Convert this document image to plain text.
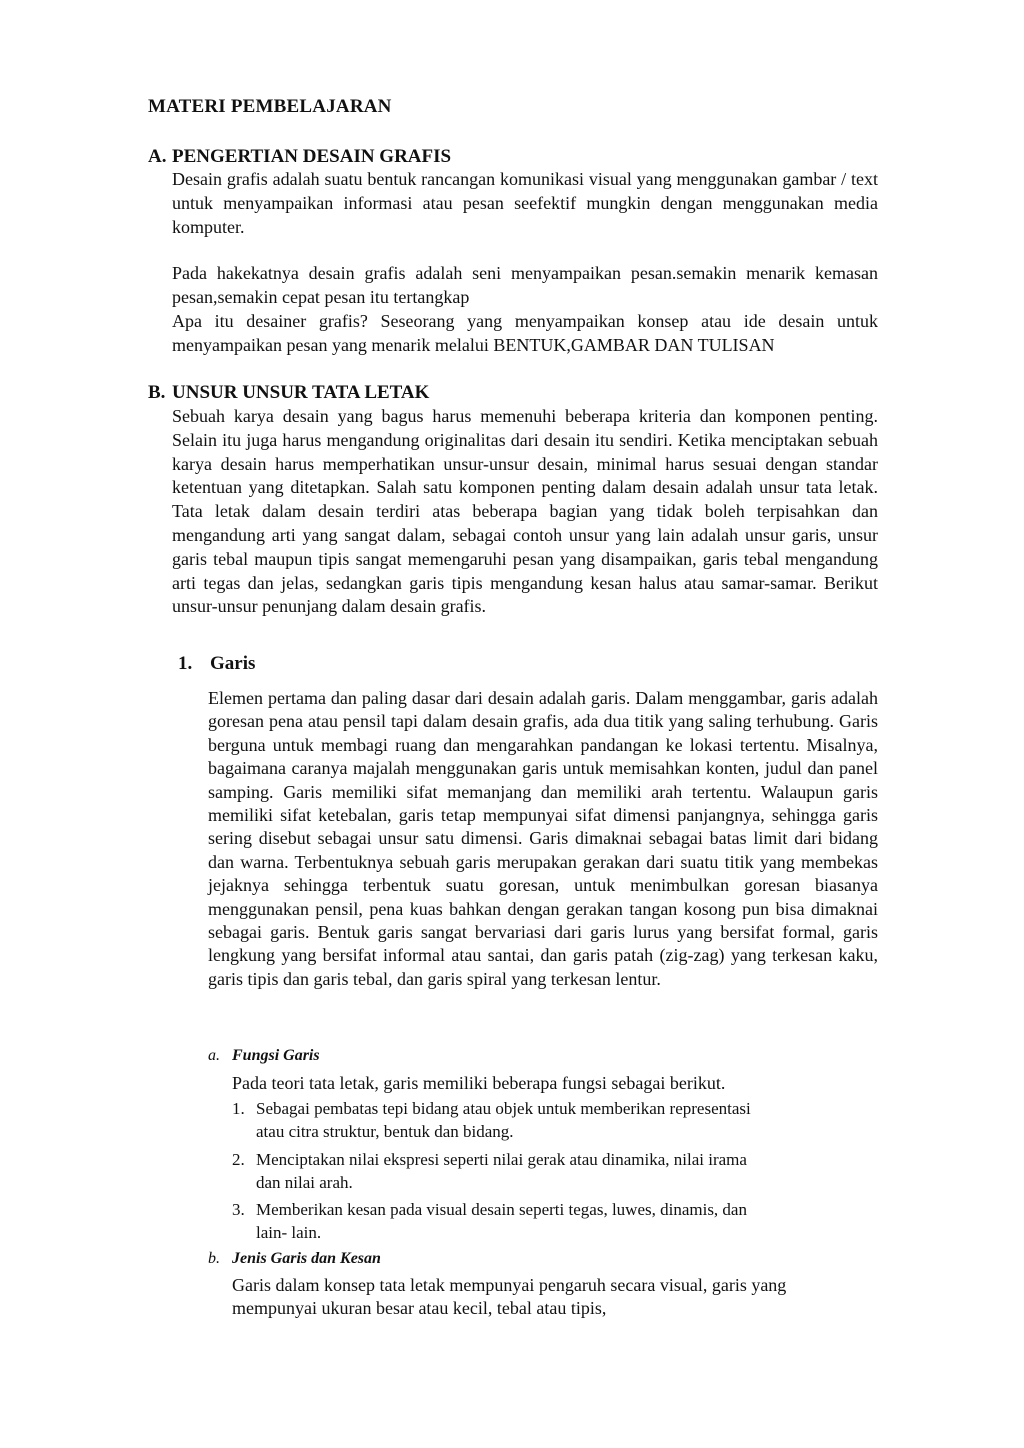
MATERI PEMBELAJARAN
A. PENGERTIAN DESAIN GRAFIS
Desain grafis adalah suatu bentuk rancangan komunikasi visual yang menggunakan gambar / text untuk menyampaikan informasi atau pesan seefektif mungkin dengan menggunakan media komputer.
Pada hakekatnya desain grafis adalah seni menyampaikan pesan.semakin menarik kemasan pesan,semakin cepat pesan itu tertangkap
Apa itu desainer grafis? Seseorang yang menyampaikan konsep atau ide desain untuk menyampaikan pesan yang menarik melalui BENTUK,GAMBAR DAN TULISAN
B. UNSUR UNSUR TATA LETAK
Sebuah karya desain yang bagus harus memenuhi beberapa kriteria dan komponen penting. Selain itu juga harus mengandung originalitas dari desain itu sendiri. Ketika menciptakan sebuah karya desain harus memperhatikan unsur-unsur desain, minimal harus sesuai dengan standar ketentuan yang ditetapkan. Salah satu komponen penting dalam desain adalah unsur tata letak. Tata letak dalam desain terdiri atas beberapa bagian yang tidak boleh terpisahkan dan mengandung arti yang sangat dalam, sebagai contoh unsur yang lain adalah unsur garis, unsur garis tebal maupun tipis sangat memengaruhi pesan yang disampaikan, garis tebal mengandung arti tegas dan jelas, sedangkan garis tipis mengandung kesan halus atau samar-samar. Berikut unsur-unsur penunjang dalam desain grafis.
1. Garis
Elemen pertama dan paling dasar dari desain adalah garis. Dalam menggambar, garis adalah goresan pena atau pensil tapi dalam desain grafis, ada dua titik yang saling terhubung. Garis berguna untuk membagi ruang dan mengarahkan pandangan ke lokasi tertentu. Misalnya, bagaimana caranya majalah menggunakan garis untuk memisahkan konten, judul dan panel samping. Garis memiliki sifat memanjang dan memiliki arah tertentu. Walaupun garis memiliki sifat ketebalan, garis tetap mempunyai sifat dimensi panjangnya, sehingga garis sering disebut sebagai unsur satu dimensi. Garis dimaknai sebagai batas limit dari bidang dan warna. Terbentuknya sebuah garis merupakan gerakan dari suatu titik yang membekas jejaknya sehingga terbentuk suatu goresan, untuk menimbulkan goresan biasanya menggunakan pensil, pena kuas bahkan dengan gerakan tangan kosong pun bisa dimaknai sebagai garis. Bentuk garis sangat bervariasi dari garis lurus yang bersifat formal, garis lengkung yang bersifat informal atau santai, dan garis patah (zig-zag) yang terkesan kaku, garis tipis dan garis tebal, dan garis spiral yang terkesan lentur.
a. Fungsi Garis
Pada teori tata letak, garis memiliki beberapa fungsi sebagai berikut.
1. Sebagai pembatas tepi bidang atau objek untuk memberikan representasi atau citra struktur, bentuk dan bidang.
2. Menciptakan nilai ekspresi seperti nilai gerak atau dinamika, nilai irama dan nilai arah.
3. Memberikan kesan pada visual desain seperti tegas, luwes, dinamis, dan lain- lain.
b. Jenis Garis dan Kesan
Garis dalam konsep tata letak mempunyai pengaruh secara visual, garis yang mempunyai ukuran besar atau kecil, tebal atau tipis,
